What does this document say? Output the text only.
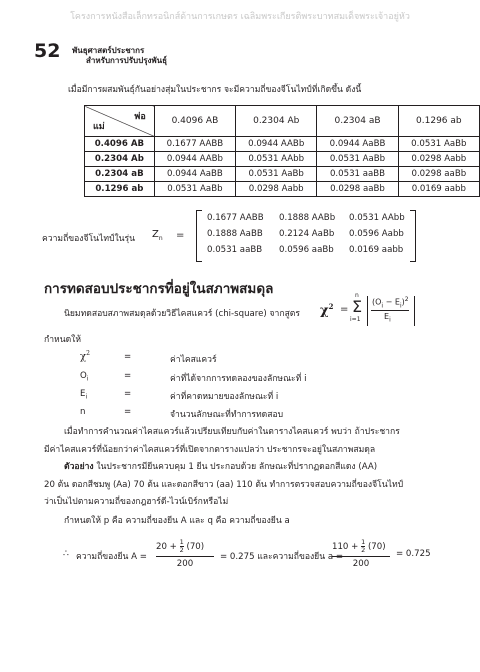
โครงการหนังสือเล็กทรอนิกส์ด้านการเกษตร เฉลิมพระเกียรติพระบาทสมเด็จพระเจ้าอยู่หัว
52 พันธุศาสตร์ประชากร
สำหรับการปรับปรุงพันธุ์
เมื่อมีการผสมพันธุ์กันอย่างสุ่มในประชากร จะมีความถี่ของจีโนไทป์ที่เกิดขึ้น ดังนี้
พ่อ
แม่	0.4096 AB	0.2304 Ab	0.2304 aB	0.1296 ab
0.4096 AB	0.1677 AABB	0.0944 AABb	0.0944 AaBB	0.0531 AaBb
0.2304 Ab	0.0944 AABb	0.0531 AAbb	0.0531 AaBb	0.0298 Aabb
0.2304 aB	0.0944 AaBB	0.0531 AaBb	0.0531 aaBB	0.0298 aaBb
0.1296 ab	0.0531 AaBb	0.0298 Aabb	0.0298 aaBb	0.0169 aabb
ความถี่ของจีโนไทป์ในรุ่น $Z_n$ =
0.1677 AABB 0.1888 AABb 0.0531 AAbb
0.1888 AaBB 0.2124 AaBb 0.0596 Aabb
0.0531 aaBB 0.0596 aaBb 0.0169 aabb
การทดสอบประชากรที่อยู่ในสภาพสมดุล
นิยมทดสอบสภาพสมดุลด้วยวิธีไคสแควร์ (chi-square) จากสูตร $\chi^2$ =
n
Σ
i=1
$(O_i - E_i)^2$
$E_i$
กำหนดให้
$\chi^2$	=	ค่าไคสแควร์
$O_i$	=	ค่าที่ได้จากการทดลองของลักษณะที่ i
$E_i$	=	ค่าที่คาดหมายของลักษณะที่ i
n	=	จำนวนลักษณะที่ทำการทดสอบ
เมื่อทำการคำนวณค่าไคสแควร์แล้วเปรียบเทียบกับค่าในตารางไคสแควร์ พบว่า ถ้าประชากร
มีค่าไคสแควร์ที่น้อยกว่าค่าไคสแควร์ที่เปิดจากตารางแปลว่า ประชากรจะอยู่ในสภาพสมดุล
ตัวอย่าง ในประชากรมียีนควบคุม 1 ยีน ประกอบด้วย ลักษณะที่ปรากฏดอกสีแดง (AA)
20 ต้น ดอกสีชมพู (Aa) 70 ต้น และดอกสีขาว (aa) 110 ต้น ทำการตรวจสอบความถี่ของจีโนไทป์
ว่าเป็นไปตามความถี่ของกฎฮาร์ดี-ไวน์เบิร์กหรือไม่
กำหนดให้ p คือ ความถี่ของยีน A และ q คือ ความถี่ของยีน a
∴ ความถี่ของยีน A =
$20 + \frac{1}{2} (70)$
200
= 0.275 และความถี่ของยีน a =
$110 + \frac{1}{2} (70)$
200
= 0.725
